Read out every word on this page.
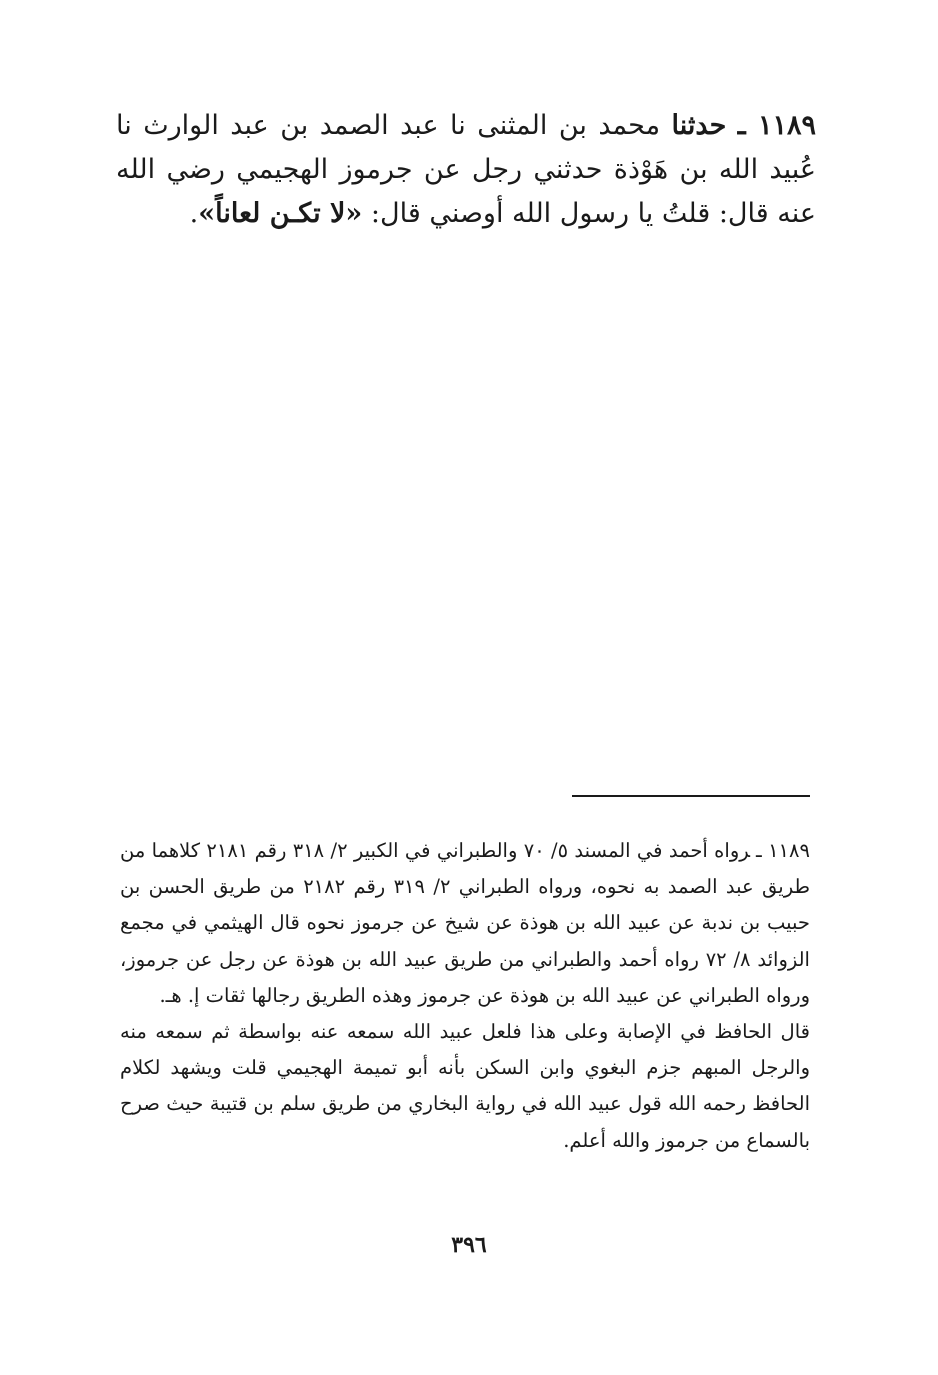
١١٨٩ ـ حدثنا محمد بن المثنى نا عبد الصمد بن عبد الوارث نا عُبيد الله بن هَوْذة حدثني رجل عن جرموز الهجيمي رضي الله عنه قال: قلتُ يا رسول الله أوصني قال: «لا تكـن لعاناً».

١١٨٩ ـرواه أحمد في المسند ٥/ ٧٠ والطبراني في الكبير ٢/ ٣١٨ رقم ٢١٨١ كلاهما من طريق عبد الصمد به نحوه، ورواه الطبراني ٢/ ٣١٩ رقم ٢١٨٢ من طريق الحسن بن حبيب بن ندبة عن عبيد الله بن هوذة عن شيخ عن جرموز نحوه قال الهيثمي في مجمع الزوائد ٨/ ٧٢ رواه أحمد والطبراني من طريق عبيد الله بن هوذة عن رجل عن جرموز، ورواه الطبراني عن عبيد الله بن هوذة عن جرموز وهذه الطريق رجالها ثقات إ. هـ.

قال الحافظ في الإصابة وعلى هذا فلعل عبيد الله سمعه عنه بواسطة ثم سمعه منه والرجل المبهم جزم البغوي وابن السكن بأنه أبو تميمة الهجيمي قلت ويشهد لكلام الحافظ رحمه الله قول عبيد الله في رواية البخاري من طريق سلم بن قتيبة حيث صرح بالسماع من جرموز والله أعلم.

٣٩٦
